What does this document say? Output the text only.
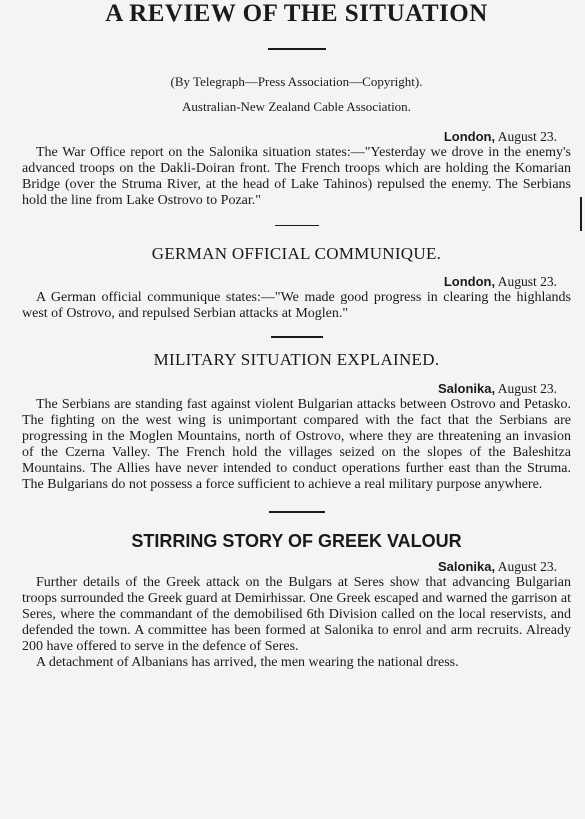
A REVIEW OF THE SITUATION
(By Telegraph—Press Association—Copyright).
Australian-New Zealand Cable Association.
London, August 23.

The War Office report on the Salonika situation states:—"Yesterday we drove in the enemy's advanced troops on the Dakli-Doiran front. The French troops which are holding the Komarian Bridge (over the Struma River, at the head of Lake Tahinos) repulsed the enemy. The Serbians hold the line from Lake Ostrovo to Pozar."

GERMAN OFFICIAL COMMUNIQUE.
London, August 23.

A German official communique states:—"We made good progress in clearing the highlands west of Ostrovo, and repulsed Serbian attacks at Moglen."

MILITARY SITUATION EXPLAINED.
Salonika, August 23.

The Serbians are standing fast against violent Bulgarian attacks between Ostrovo and Petasko. The fighting on the west wing is unimportant compared with the fact that the Serbians are progressing in the Moglen Mountains, north of Ostrovo, where they are threatening an invasion of the Czerna Valley. The French hold the villages seized on the slopes of the Baleshitza Mountains. The Allies have never intended to conduct operations further east than the Struma. The Bulgarians do not possess a force sufficient to achieve a real military purpose anywhere.

STIRRING STORY OF GREEK VALOUR
Salonika, August 23.

Further details of the Greek attack on the Bulgars at Seres show that advancing Bulgarian troops surrounded the Greek guard at Demirhissar. One Greek escaped and warned the garrison at Seres, where the commandant of the demobilised 6th Division called on the local reservists, and defended the town. A committee has been formed at Salonika to enrol and arm recruits. Already 200 have offered to serve in the defence of Seres.

A detachment of Albanians has arrived, the men wearing the national dress.
